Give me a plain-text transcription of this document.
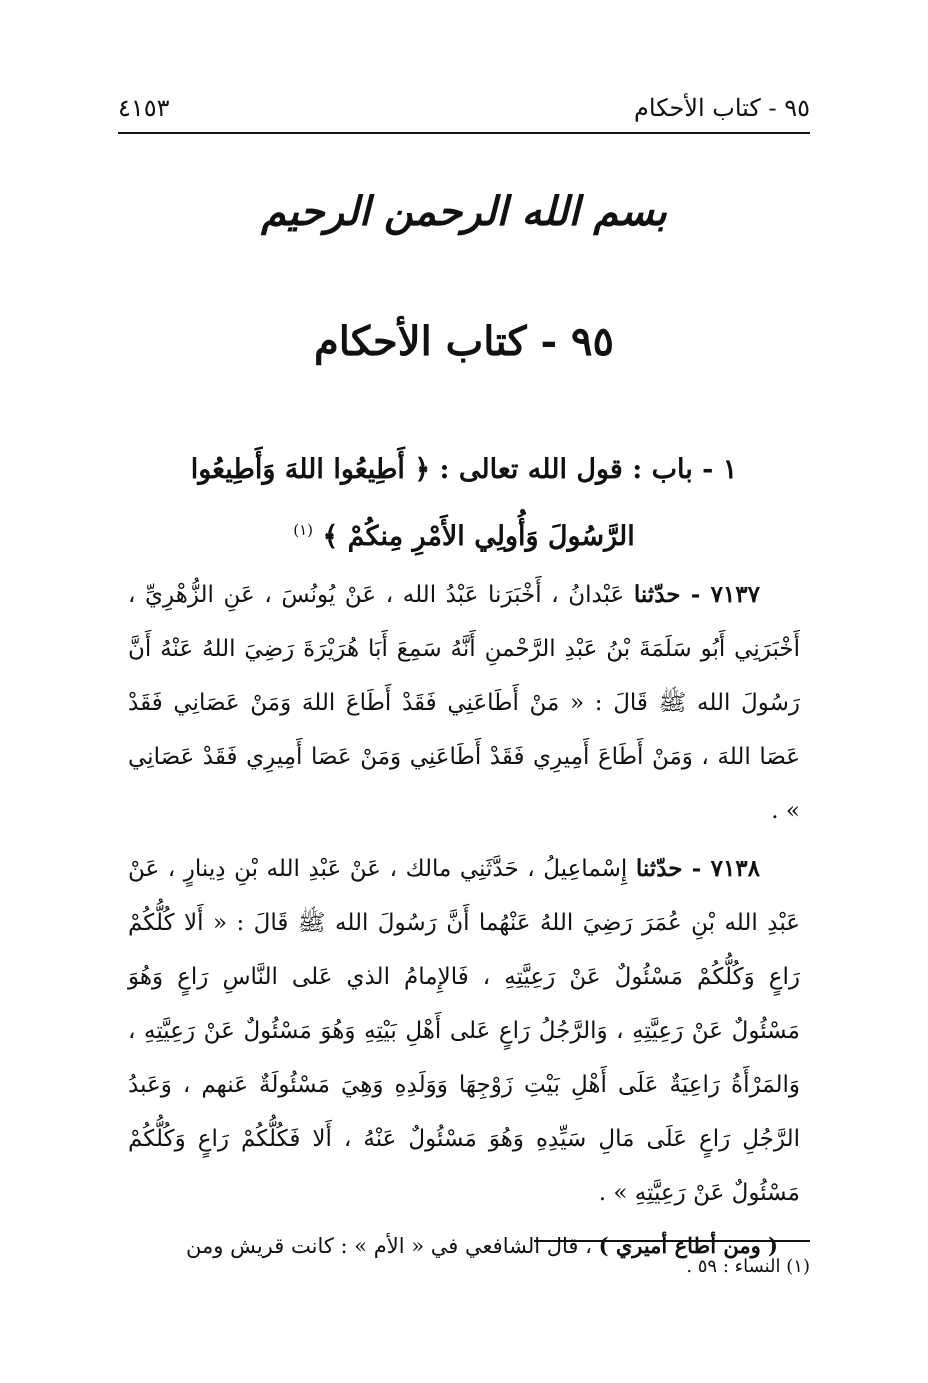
٩٥ - كتاب الأحكام
٤١٥٣
بسم الله الرحمن الرحيم
٩٥ - كتاب الأحكام
١ - باب : قول الله تعالى : ﴿ أَطِيعُوا اللهَ وَأَطِيعُوا
الرَّسُولَ وَأُولِي الأَمْرِ مِنكُمْ ﴾ $^{(١)}$

٧١٣٧ - حدّثنا عَبْدانُ ، أَخْبَرَنا عَبْدُ الله ، عَنْ يُونُسَ ، عَنِ الزُّهْرِيِّ ، أَخْبَرَنِي أَبُو سَلَمَةَ بْنُ عَبْدِ الرَّحْمنِ أَنَّهُ سَمِعَ أَبَا هُرَيْرَةَ رَضِيَ اللهُ عَنْهُ أَنَّ رَسُولَ الله ﷺ قَالَ : « مَنْ أَطَاعَنِي فَقَدْ أَطَاعَ اللهَ وَمَنْ عَصَانِي فَقَدْ عَصَا اللهَ ، وَمَنْ أَطَاعَ أَمِيرِي فَقَدْ أَطَاعَنِي وَمَنْ عَصَا أَمِيرِي فَقَدْ عَصَانِي » .

٧١٣٨ - حدّثنا إِسْماعِيلُ ، حَدَّثَنِي مالك ، عَنْ عَبْدِ الله بْنِ دِينارٍ ، عَنْ عَبْدِ الله بْنِ عُمَرَ رَضِيَ اللهُ عَنْهُما أَنَّ رَسُولَ الله ﷺ قَالَ : « أَلا كُلُّكُمْ رَاعٍ وَكُلُّكُمْ مَسْئُولٌ عَنْ رَعِيَّتِهِ ، فَالإِمامُ الذي عَلى النَّاسِ رَاعٍ وَهُوَ مَسْئُولٌ عَنْ رَعِيَّتِهِ ، وَالرَّجُلُ رَاعٍ عَلى أَهْلِ بَيْتِهِ وَهُوَ مَسْئُولٌ عَنْ رَعِيَّتِهِ ، وَالمَرْأَةُ رَاعِيَةٌ عَلَى أَهْلِ بَيْتِ زَوْجِهَا وَوَلَدِهِ وَهِيَ مَسْئُولَةٌ عَنهم ، وَعَبدُ الرَّجُلِ رَاعٍ عَلَى مَالِ سَيِّدِهِ وَهُوَ مَسْئُولٌ عَنْهُ ، أَلا فَكُلُّكُمْ رَاعٍ وَكُلُّكُمْ مَسْئُولٌ عَنْ رَعِيَّتِهِ » .

( ومن أطاع أميري ) ، قال الشافعي في « الأم » : كانت قريش ومن

(١) النساء : ٥٩ .
